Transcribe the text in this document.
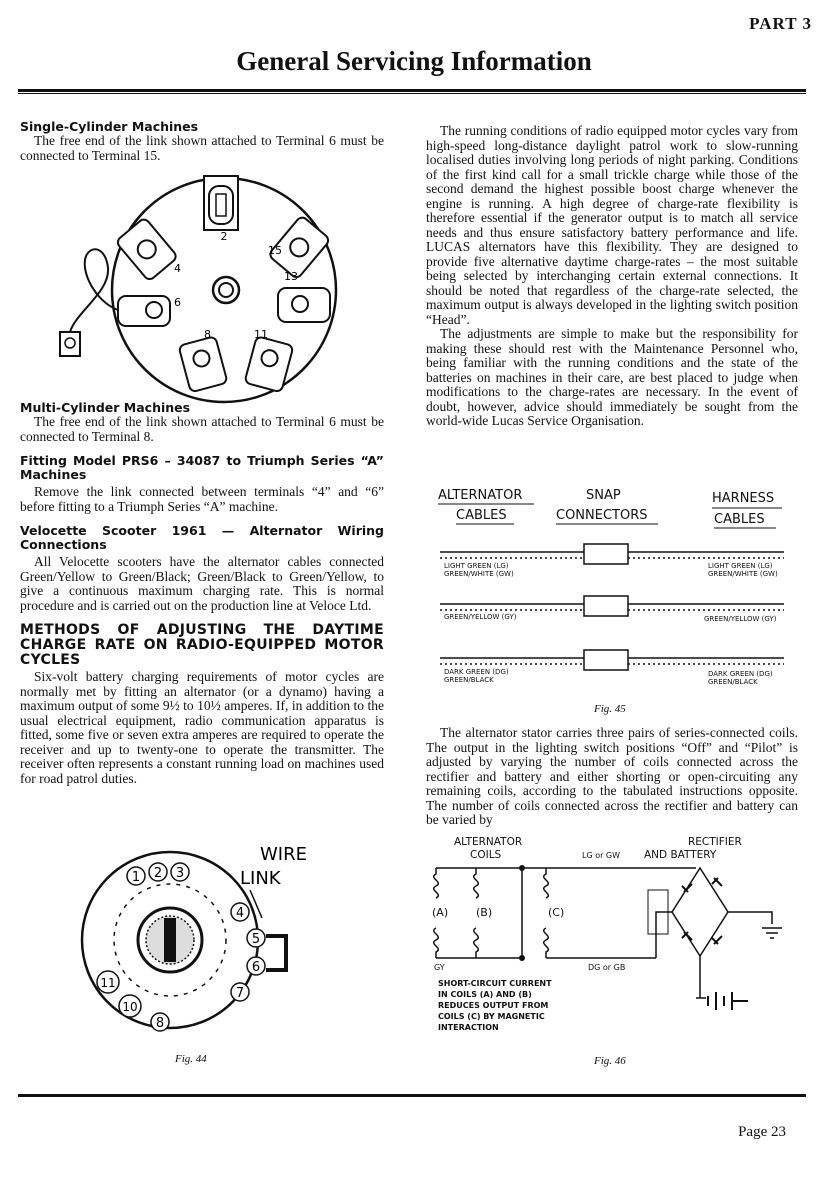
PART 3
General Servicing Information

Single-Cylinder Machines

The free end of the link shown attached to Terminal 6 must be connected to Terminal 15.

2
4
15
6
13
8	11

Multi-Cylinder Machines

The free end of the link shown attached to Terminal 6 must be connected to Terminal 8.

Fitting Model PRS6 – 34087 to Triumph Series “A” Machines

Remove the link connected between terminals “4” and “6” before fitting to a Triumph Series “A” machine.

Velocette Scooter 1961 — Alternator Wiring Connections

All Velocette scooters have the alternator cables connected Green/Yellow to Green/Black; Green/Black to Green/Yellow, to give a continuous maximum charging rate. This is normal procedure and is carried out on the production line at Veloce Ltd.

METHODS OF ADJUSTING THE DAYTIME CHARGE RATE ON RADIO-EQUIPPED MOTOR CYCLES

Six-volt battery charging requirements of motor cycles are normally met by fitting an alternator (or a dynamo) having a maximum output of some 9½ to 10½ amperes. If, in addition to the usual electrical equipment, radio communication apparatus is fitted, some five or seven extra amperes are required to operate the receiver and up to twenty-one to operate the transmitter. The receiver often represents a constant running load on machines used for road patrol duties.

WIRE
LINK
1 2 3
4
5
6
7
8
10
11
Fig. 44

The running conditions of radio equipped motor cycles vary from high-speed long-distance daylight patrol work to slow-running localised duties involving long periods of night parking. Conditions of the first kind call for a small trickle charge while those of the second demand the highest possible boost charge whenever the engine is running. A high degree of charge-rate flexibility is therefore essential if the generator output is to match all service needs and thus ensure satisfactory battery performance and life. LUCAS alternators have this flexibility. They are designed to provide five alternative daytime charge-rates – the most suitable being selected by interchanging certain external connections. It should be noted that regardless of the charge-rate selected, the maximum output is always developed in the lighting switch position “Head”.

The adjustments are simple to make but the responsibility for making these should rest with the Maintenance Personnel who, being familiar with the running conditions and the state of the batteries on machines in their care, are best placed to judge when modifications to the charge-rates are necessary. In the event of doubt, however, advice should immediately be sought from the world-wide Lucas Service Organisation.

ALTERNATOR
CABLES
SNAP
CONNECTORS
HARNESS
CABLES
LIGHT GREEN (LG)
GREEN/WHITE (GW)
LIGHT GREEN (LG)
GREEN/WHITE (GW)
GREEN/YELLOW (GY)	GREEN/YELLOW (GY)
DARK GREEN (DG)
GREEN/BLACK
DARK GREEN (DG)
GREEN/BLACK
Fig. 45

The alternator stator carries three pairs of series-connected coils. The output in the lighting switch positions “Off” and “Pilot” is adjusted by varying the number of coils connected across the rectifier and battery and either shorting or open-circuiting any remaining coils, according to the tabulated instructions opposite. The number of coils connected across the rectifier and battery can be varied by

ALTERNATOR
COILS
RECTIFIER
AND BATTERY
LG or GW
(A)	(B)	(C)
GY	DG or GB
SHORT-CIRCUIT CURRENT
IN COILS (A) AND (B)
REDUCES OUTPUT FROM
COILS (C) BY MAGNETIC
INTERACTION
Fig. 46
Page 23
